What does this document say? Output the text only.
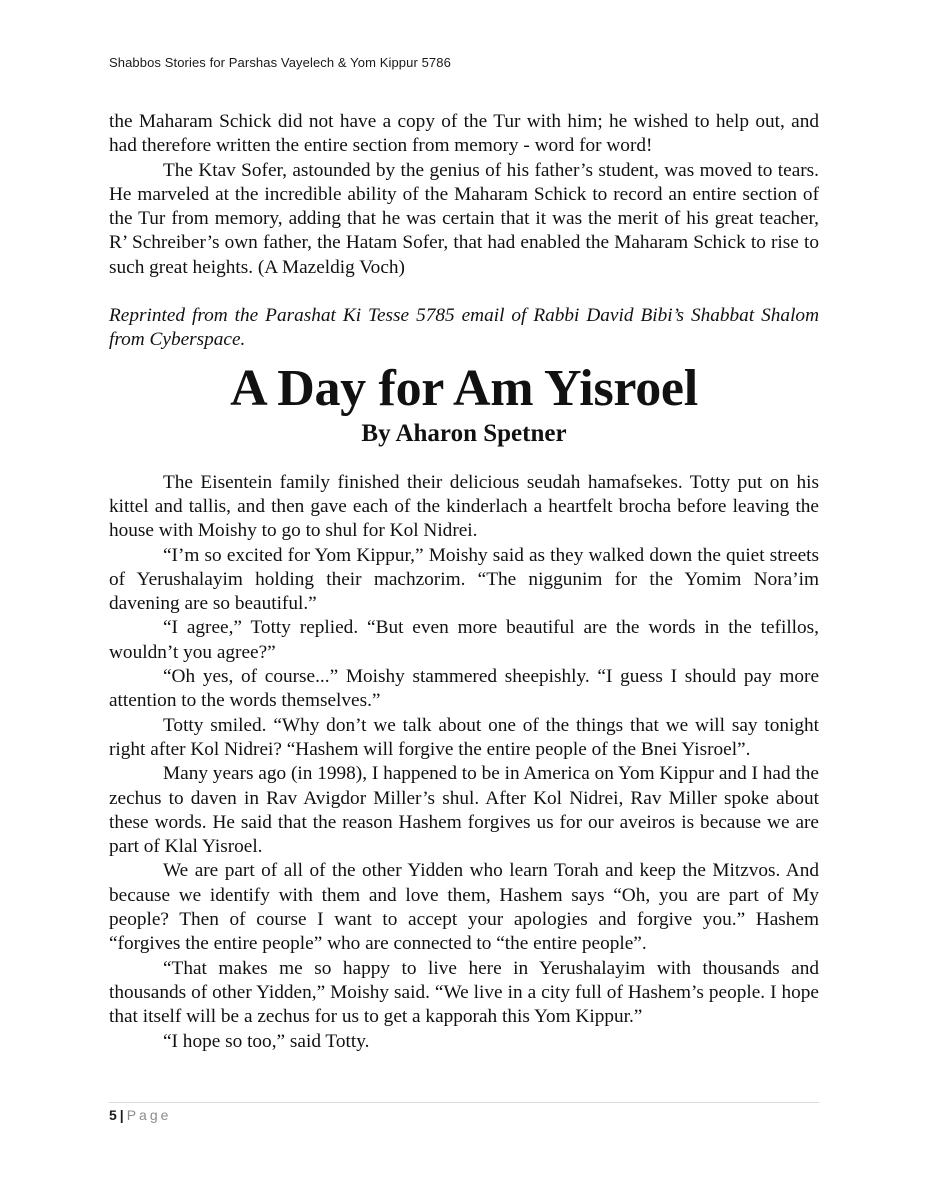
Shabbos Stories for Parshas Vayelech & Yom Kippur 5786

the Maharam Schick did not have a copy of the Tur with him; he wished to help out, and had therefore written the entire section from memory - word for word!

The Ktav Sofer, astounded by the genius of his father’s student, was moved to tears. He marveled at the incredible ability of the Maharam Schick to record an entire section of the Tur from memory, adding that he was certain that it was the merit of his great teacher, R’ Schreiber’s own father, the Hatam Sofer, that had enabled the Maharam Schick to rise to such great heights. (A Mazeldig Voch)

Reprinted from the Parashat Ki Tesse 5785 email of Rabbi David Bibi’s Shabbat Shalom from Cyberspace.

A Day for Am Yisroel
By Aharon Spetner

The Eisentein family finished their delicious seudah hamafsekes. Totty put on his kittel and tallis, and then gave each of the kinderlach a heartfelt brocha before leaving the house with Moishy to go to shul for Kol Nidrei.

“I’m so excited for Yom Kippur,” Moishy said as they walked down the quiet streets of Yerushalayim holding their machzorim. “The niggunim for the Yomim Nora’im davening are so beautiful.”

“I agree,” Totty replied. “But even more beautiful are the words in the tefillos, wouldn’t you agree?”

“Oh yes, of course...” Moishy stammered sheepishly. “I guess I should pay more attention to the words themselves.”

Totty smiled. “Why don’t we talk about one of the things that we will say tonight right after Kol Nidrei? “Hashem will forgive the entire people of the Bnei Yisroel”.

Many years ago (in 1998), I happened to be in America on Yom Kippur and I had the zechus to daven in Rav Avigdor Miller’s shul. After Kol Nidrei, Rav Miller spoke about these words. He said that the reason Hashem forgives us for our aveiros is because we are part of Klal Yisroel.

We are part of all of the other Yidden who learn Torah and keep the Mitzvos. And because we identify with them and love them, Hashem says “Oh, you are part of My people? Then of course I want to accept your apologies and forgive you.” Hashem “forgives the entire people” who are connected to “the entire people”.

“That makes me so happy to live here in Yerushalayim with thousands and thousands of other Yidden,” Moishy said. “We live in a city full of Hashem’s people. I hope that itself will be a zechus for us to get a kapporah this Yom Kippur.”

“I hope so too,” said Totty.

5 | Page
